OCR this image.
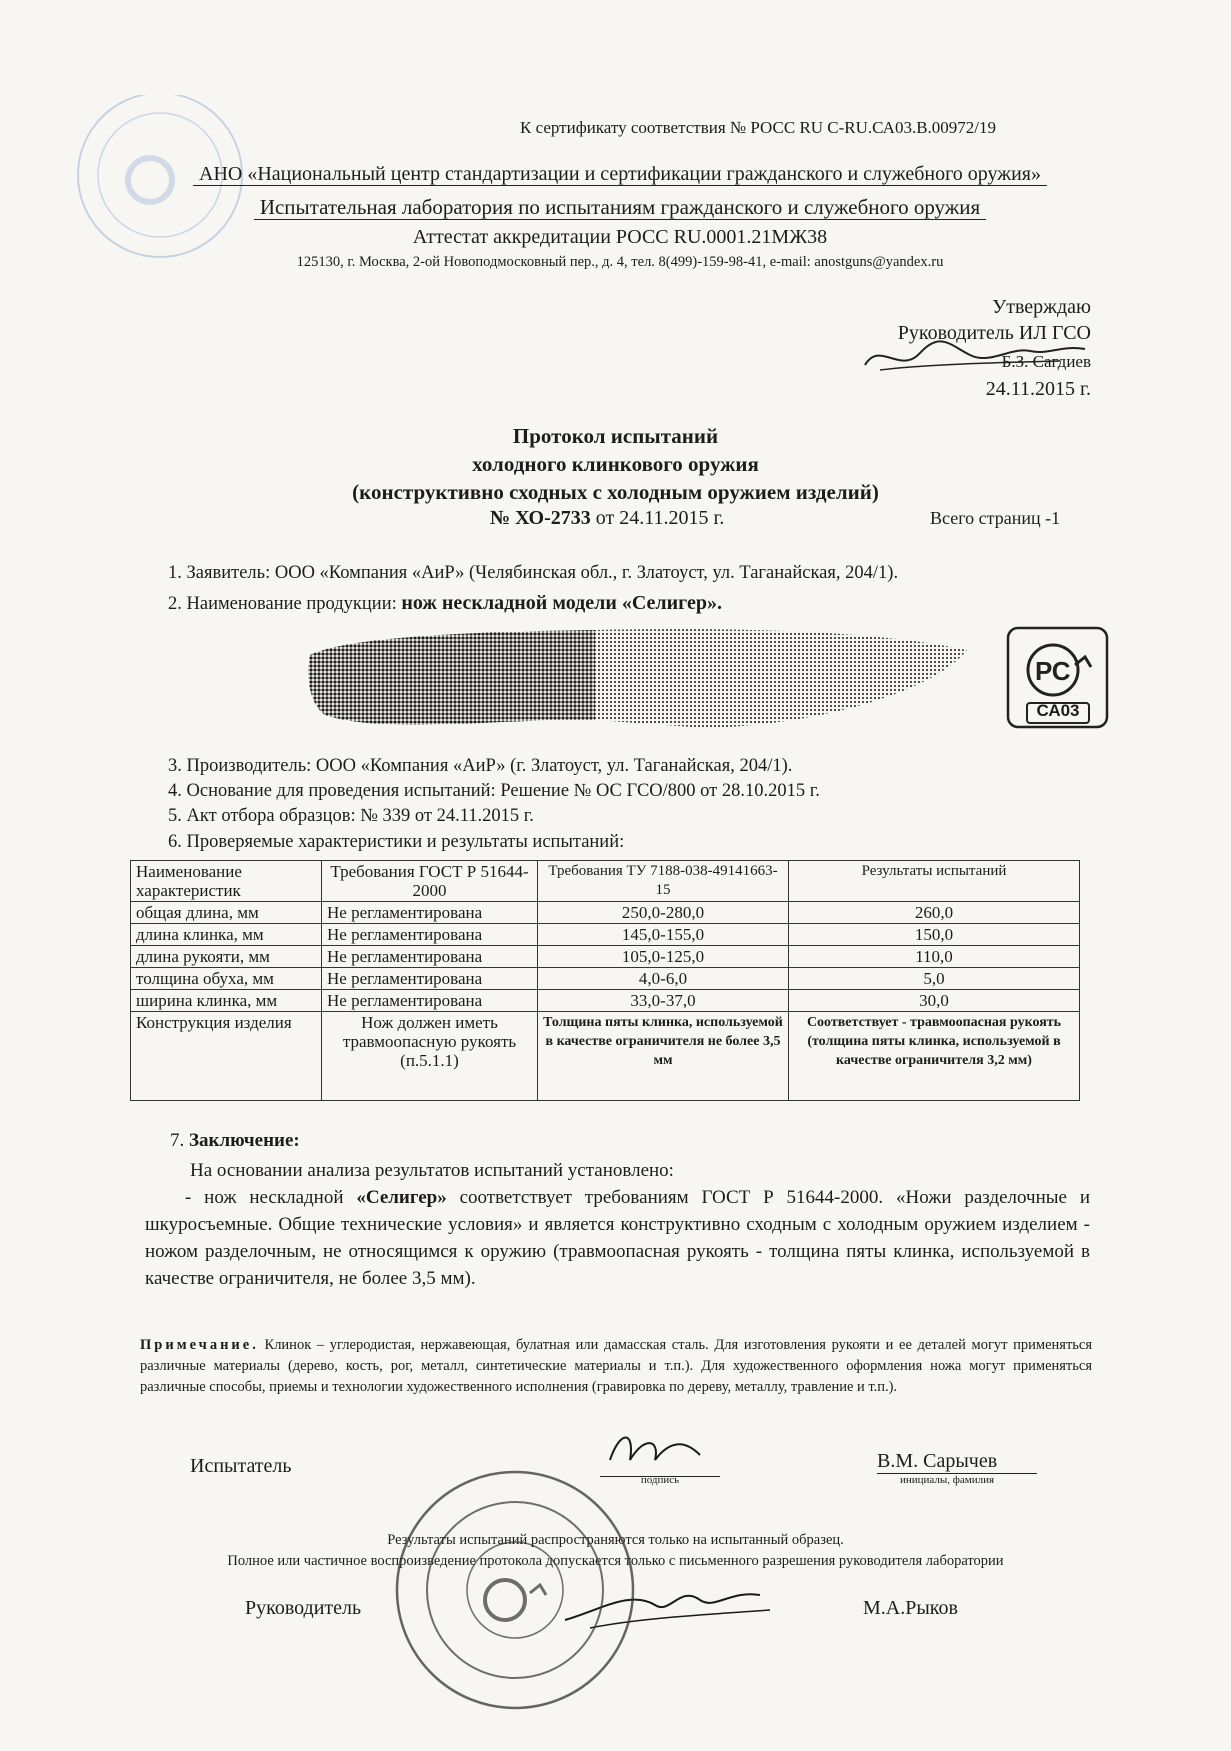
К сертификату соответствия № РОСС RU С-RU.СА03.В.00972/19
АНО «Национальный центр стандартизации и сертификации гражданского и служебного оружия»
Испытательная лаборатория по испытаниям гражданского и служебного оружия
Аттестат аккредитации РОСС RU.0001.21МЖ38
125130, г. Москва, 2-ой Новоподмосковный пер., д. 4, тел. 8(499)-159-98-41, e-mail: anostguns@yandex.ru
Утверждаю
Руководитель ИЛ ГСО
Б.З. Сагдиев
24.11.2015 г.
Протокол испытаний
холодного клинкового оружия
(конструктивно сходных с холодным оружием изделий)
№ ХО-2733 от 24.11.2015 г.	Всего страниц -1
1. Заявитель: ООО «Компания «АиР» (Челябинская обл., г. Златоуст, ул. Таганайская, 204/1).
2. Наименование продукции: нож нескладной модели «Селигер».
РС
СА03
3. Производитель: ООО «Компания «АиР» (г. Златоуст, ул. Таганайская, 204/1).
4. Основание для проведения испытаний: Решение № ОС ГСО/800 от 28.10.2015 г.
5. Акт отбора образцов: № 339 от 24.11.2015 г.
6. Проверяемые характеристики и результаты испытаний:
Наименование характеристик	Требования ГОСТ Р 51644-2000	Требования ТУ 7188-038-49141663-15	Результаты испытаний
общая длина, мм	Не регламентирована	250,0-280,0	260,0
длина клинка, мм	Не регламентирована	145,0-155,0	150,0
длина рукояти, мм	Не регламентирована	105,0-125,0	110,0
толщина обуха, мм	Не регламентирована	4,0-6,0	5,0
ширина клинка, мм	Не регламентирована	33,0-37,0	30,0
Конструкция изделия	Нож должен иметь травмоопасную рукоять (п.5.1.1)	Толщина пяты клинка, используемой в качестве ограничителя не более 3,5 мм	Соответствует - травмоопасная рукоять (толщина пяты клинка, используемой в качестве ограничителя 3,2 мм)
7. Заключение:
На основании анализа результатов испытаний установлено:
- нож нескладной «Селигер» соответствует требованиям ГОСТ Р 51644-2000. «Ножи разделочные и шкуросъемные. Общие технические условия» и является конструктивно сходным с холодным оружием изделием - ножом разделочным, не относящимся к оружию (травмоопасная рукоять - толщина пяты клинка, используемой в качестве ограничителя, не более 3,5 мм).
Примечание. Клинок – углеродистая, нержавеющая, булатная или дамасская сталь. Для изготовления рукояти и ее деталей могут применяться различные материалы (дерево, кость, рог, металл, синтетические материалы и т.п.). Для художественного оформления ножа могут применяться различные способы, приемы и технологии художественного исполнения (гравировка по дереву, металлу, травление и т.п.).
Испытатель
подпись
В.М. Сарычев
инициалы, фамилия
Результаты испытаний распространяются только на испытанный образец.
Полное или частичное воспроизведение протокола допускается только с письменного разрешения руководителя лаборатории
Руководитель	М.А.Рыков
